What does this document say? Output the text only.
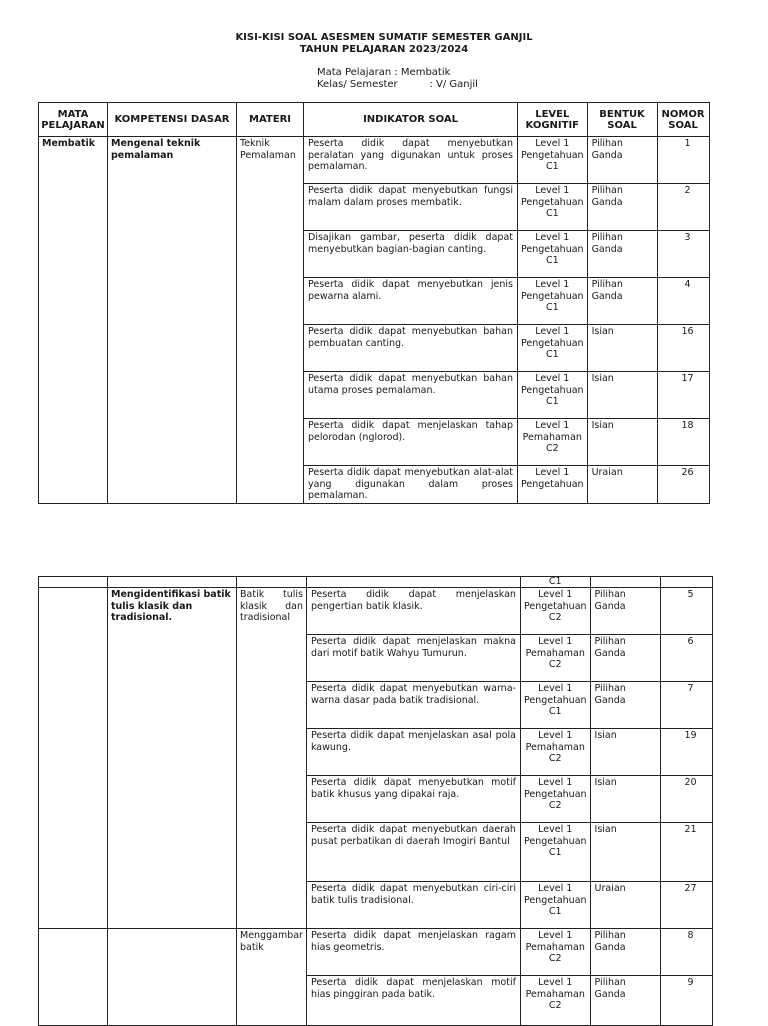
KISI-KISI SOAL ASESMEN SUMATIF SEMESTER GANJIL
TAHUN PELAJARAN 2023/2024
Mata Pelajaran : Membatik
Kelas/ Semester          : V/ Ganjil
MATA PELAJARAN	KOMPETENSI DASAR	MATERI	INDIKATOR SOAL	LEVEL KOGNITIF	BENTUK SOAL	NOMOR SOAL
Membatik	Mengenal teknik pemalaman	Teknik Pemalaman	Peserta didik dapat menyebutkan peralatan yang digunakan untuk proses pemalaman.	Level 1 Pengetahuan C1	Pilihan Ganda	1
			Peserta didik dapat menyebutkan fungsi malam dalam proses membatik.	Level 1 Pengetahuan C1	Pilihan Ganda	2
			Disajikan gambar, peserta didik dapat menyebutkan bagian-bagian canting.	Level 1 Pengetahuan C1	Pilihan Ganda	3
			Peserta didik dapat menyebutkan jenis pewarna alami.	Level 1 Pengetahuan C1	Pilihan Ganda	4
			Peserta didik dapat menyebutkan bahan pembuatan canting.	Level 1 Pengetahuan C1	Isian	16
			Peserta didik dapat menyebutkan bahan utama proses pemalaman.	Level 1 Pengetahuan C1	Isian	17
			Peserta didik dapat menjelaskan tahap pelorodan (nglorod).	Level 1 Pemahaman C2	Isian	18
			Peserta didik dapat menyebutkan alat-alat yang digunakan dalam proses pemalaman.	Level 1 Pengetahuan	Uraian	26
				C1		
	Mengidentifikasi batik tulis klasik dan tradisional.	Batik tulis klasik dan tradisional	Peserta didik dapat menjelaskan pengertian batik klasik.	Level 1 Pengetahuan C2	Pilihan Ganda	5
			Peserta didik dapat menjelaskan makna dari motif batik Wahyu Tumurun.	Level 1 Pemahaman C2	Pilihan Ganda	6
			Peserta didik dapat menyebutkan warna-warna dasar pada batik tradisional.	Level 1 Pengetahuan C1	Pilihan Ganda	7
			Peserta didik dapat menjelaskan asal pola kawung.	Level 1 Pemahaman C2	Isian	19
			Peserta didik dapat menyebutkan motif batik khusus yang dipakai raja.	Level 1 Pengetahuan C2	Isian	20
			Peserta didik dapat menyebutkan daerah pusat perbatikan di daerah Imogiri Bantul	Level 1 Pengetahuan C1	Isian	21
			Peserta didik dapat menyebutkan ciri-ciri batik tulis tradisional.	Level 1 Pengetahuan C1	Uraian	27
		Menggambar batik	Peserta didik dapat menjelaskan ragam hias geometris.	Level 1 Pemahaman C2	Pilihan Ganda	8
			Peserta didik dapat menjelaskan motif hias pinggiran pada batik.	Level 1 Pemahaman C2	Pilihan Ganda	9
